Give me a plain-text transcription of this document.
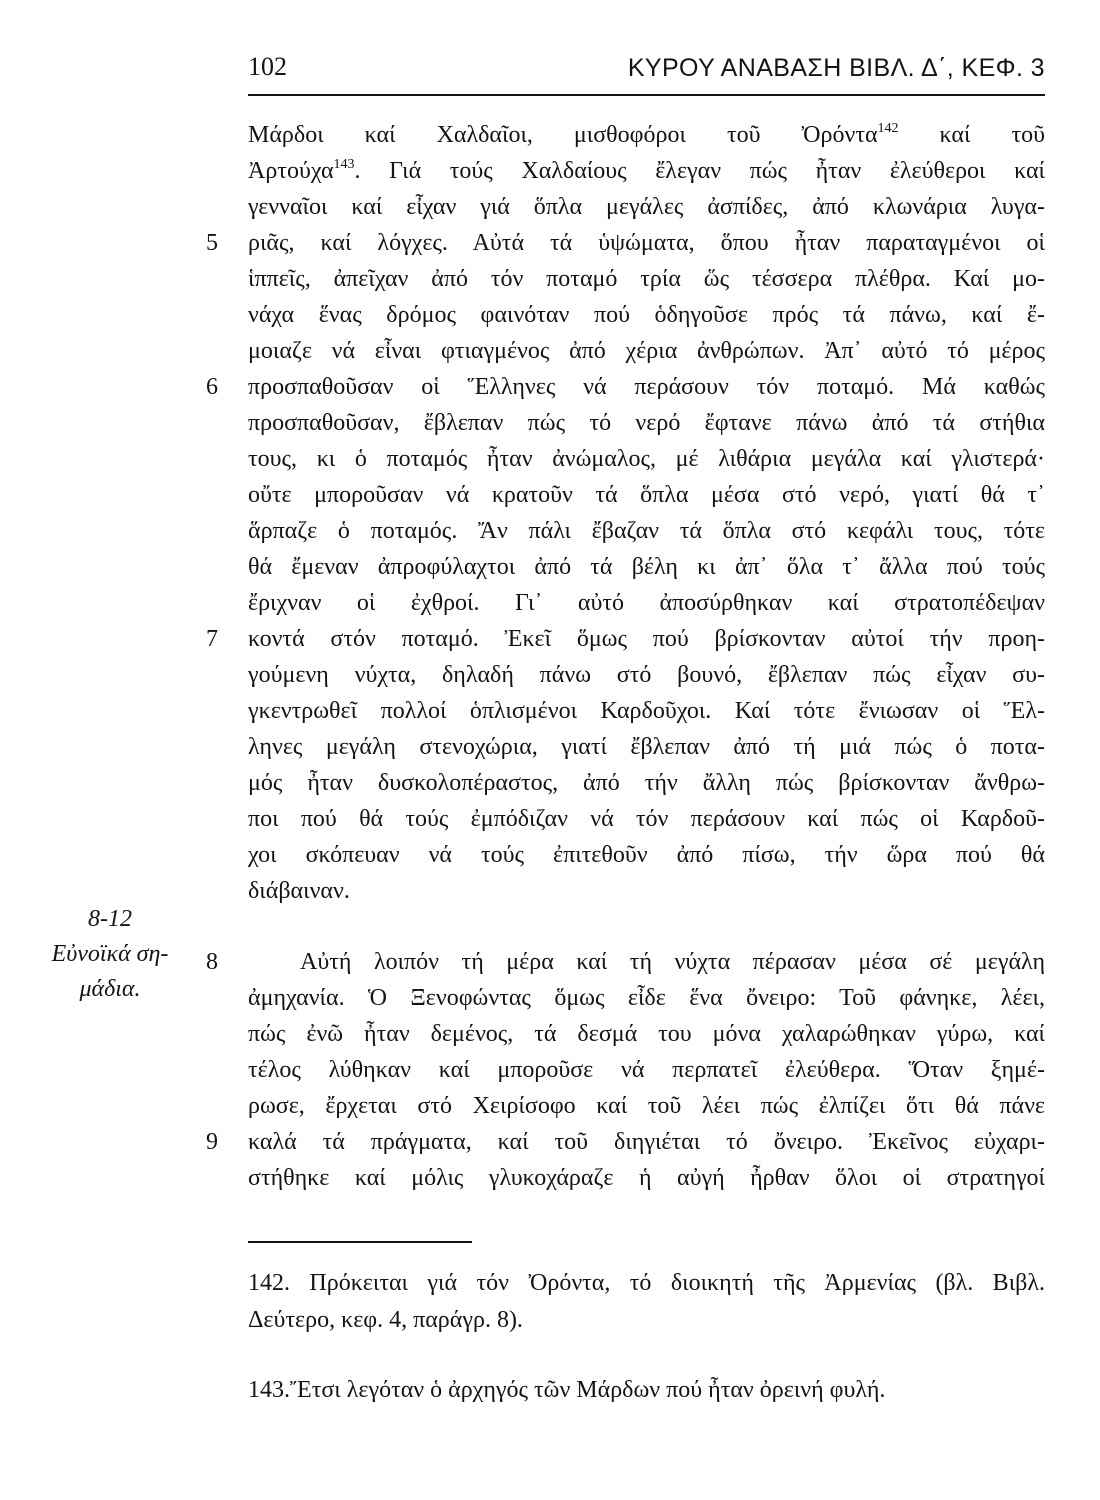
102	ΚΥΡΟΥ ΑΝΑΒΑΣΗ ΒΙΒΛ. Δ΄, ΚΕΦ. 3
8-12
Εὐνοϊκά ση-
μάδια.
Μάρδοι καί Χαλδαῖοι, μισθοφόροι τοῦ Ὀρόντα$^{142}$ καί τοῦ
Ἀρτούχα$^{143}$. Γιά τούς Χαλδαίους ἔλεγαν πώς ἦταν ἐλεύθεροι καί
γενναῖοι καί εἶχαν γιά ὅπλα μεγάλες ἀσπίδες, ἀπό κλωνάρια λυγα-
5 ριᾶς, καί λόγχες. Αὐτά τά ὑψώματα, ὅπου ἦταν παραταγμένοι οἱ
ἱππεῖς, ἀπεῖχαν ἀπό τόν ποταμό τρία ὥς τέσσερα πλέθρα. Καί μο-
νάχα ἕνας δρόμος φαινόταν πού ὁδηγοῦσε πρός τά πάνω, καί ἔ-
μοιαζε νά εἶναι φτιαγμένος ἀπό χέρια ἀνθρώπων. Ἀπ᾿ αὐτό τό μέρος
6 προσπαθοῦσαν οἱ Ἕλληνες νά περάσουν τόν ποταμό. Μά καθώς
προσπαθοῦσαν, ἔβλεπαν πώς τό νερό ἔφτανε πάνω ἀπό τά στήθια
τους, κι ὁ ποταμός ἦταν ἀνώμαλος, μέ λιθάρια μεγάλα καί γλιστερά·
οὔτε μποροῦσαν νά κρατοῦν τά ὅπλα μέσα στό νερό, γιατί θά τ᾿
ἅρπαζε ὁ ποταμός. Ἄν πάλι ἔβαζαν τά ὅπλα στό κεφάλι τους, τότε
θά ἔμεναν ἀπροφύλαχτοι ἀπό τά βέλη κι ἀπ᾿ ὅλα τ᾿ ἄλλα πού τούς
ἔριχναν οἱ ἐχθροί. Γι᾿ αὐτό ἀποσύρθηκαν καί στρατοπέδεψαν
7 κοντά στόν ποταμό. Ἐκεῖ ὅμως πού βρίσκονταν αὐτοί τήν προη-
γούμενη νύχτα, δηλαδή πάνω στό βουνό, ἔβλεπαν πώς εἶχαν συ-
γκεντρωθεῖ πολλοί ὁπλισμένοι Καρδοῦχοι. Καί τότε ἔνιωσαν οἱ Ἕλ-
ληνες μεγάλη στενοχώρια, γιατί ἔβλεπαν ἀπό τή μιά πώς ὁ ποτα-
μός ἦταν δυσκολοπέραστος, ἀπό τήν ἄλλη πώς βρίσκονταν ἄνθρω-
ποι πού θά τούς ἐμπόδιζαν νά τόν περάσουν καί πώς οἱ Καρδοῦ-
χοι σκόπευαν νά τούς ἐπιτεθοῦν ἀπό πίσω, τήν ὥρα πού θά
διάβαιναν.
8	Αὐτή λοιπόν τή μέρα καί τή νύχτα πέρασαν μέσα σέ μεγάλη
ἀμηχανία. Ὁ Ξενοφώντας ὅμως εἶδε ἕνα ὄνειρο: Τοῦ φάνηκε, λέει,
πώς ἐνῶ ἦταν δεμένος, τά δεσμά του μόνα χαλαρώθηκαν γύρω, καί
τέλος λύθηκαν καί μποροῦσε νά περπατεῖ ἐλεύθερα. Ὅταν ξημέ-
ρωσε, ἔρχεται στό Χειρίσοφο καί τοῦ λέει πώς ἐλπίζει ὅτι θά πάνε
9 καλά τά πράγματα, καί τοῦ διηγιέται τό ὄνειρο. Ἐκεῖνος εὐχαρι-
στήθηκε καί μόλις γλυκοχάραζε ἡ αὐγή ἦρθαν ὅλοι οἱ στρατηγοί
142. Πρόκειται γιά τόν Ὀρόντα, τό διοικητή τῆς Ἀρμενίας (βλ. Βιβλ.
Δεύτερο, κεφ. 4, παράγρ. 8).
143.Ἔτσι λεγόταν ὁ ἀρχηγός τῶν Μάρδων πού ἦταν ὀρεινή φυλή.
